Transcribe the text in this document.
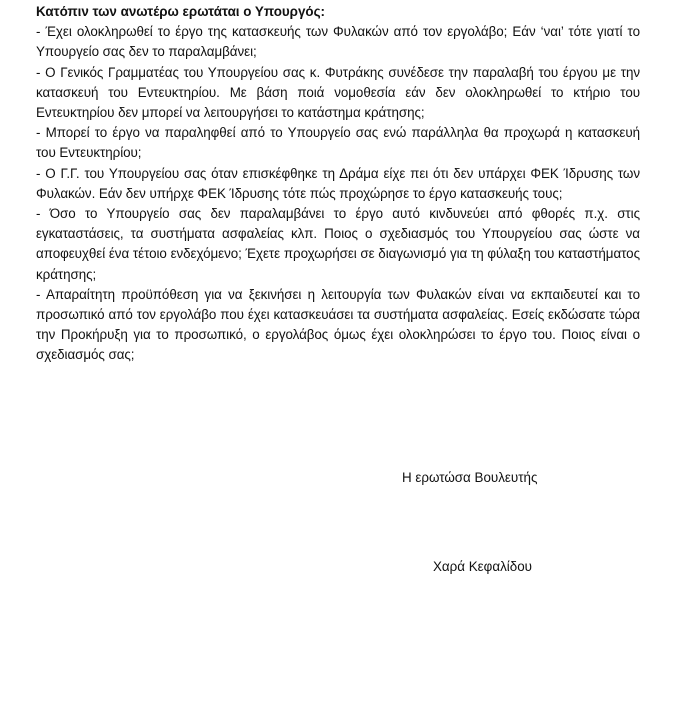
Κατόπιν των ανωτέρω ερωτάται ο Υπουργός:

- Έχει ολοκληρωθεί το έργο της κατασκευής των Φυλακών από τον εργολάβο; Εάν ‘ναι’ τότε γιατί το Υπουργείο σας δεν το παραλαμβάνει;

- Ο Γενικός Γραμματέας του Υπουργείου σας κ. Φυτράκης συνέδεσε την παραλαβή του έργου με την κατασκευή του Εντευκτηρίου. Με βάση ποιά νομοθεσία εάν δεν ολοκληρωθεί το κτήριο του Εντευκτηρίου δεν μπορεί να λειτουργήσει το κατάστημα κράτησης;

- Μπορεί το έργο να παραληφθεί από το Υπουργείο σας ενώ παράλληλα θα προχωρά η κατασκευή του Εντευκτηρίου;

- Ο Γ.Γ. του Υπουργείου σας όταν επισκέφθηκε τη Δράμα είχε πει ότι δεν υπάρχει ΦΕΚ Ίδρυσης των Φυλακών. Εάν δεν υπήρχε ΦΕΚ Ίδρυσης τότε πώς προχώρησε το έργο κατασκευής τους;

- Όσο το Υπουργείο σας δεν παραλαμβάνει το έργο αυτό κινδυνεύει από φθορές π.χ. στις εγκαταστάσεις, τα συστήματα ασφαλείας κλπ. Ποιος ο σχεδιασμός του Υπουργείου σας ώστε να αποφευχθεί ένα τέτοιο ενδεχόμενο; Έχετε προχωρήσει σε διαγωνισμό για τη φύλαξη του καταστήματος κράτησης;

- Απαραίτητη προϋπόθεση για να ξεκινήσει η λειτουργία των Φυλακών είναι να εκπαιδευτεί και το προσωπικό από τον εργολάβο που έχει κατασκευάσει τα συστήματα ασφαλείας. Εσείς εκδώσατε τώρα την Προκήρυξη για το προσωπικό, ο εργολάβος όμως έχει ολοκληρώσει το έργο του. Ποιος είναι ο σχεδιασμός σας;

Η ερωτώσα Βουλευτής
Χαρά Κεφαλίδου
